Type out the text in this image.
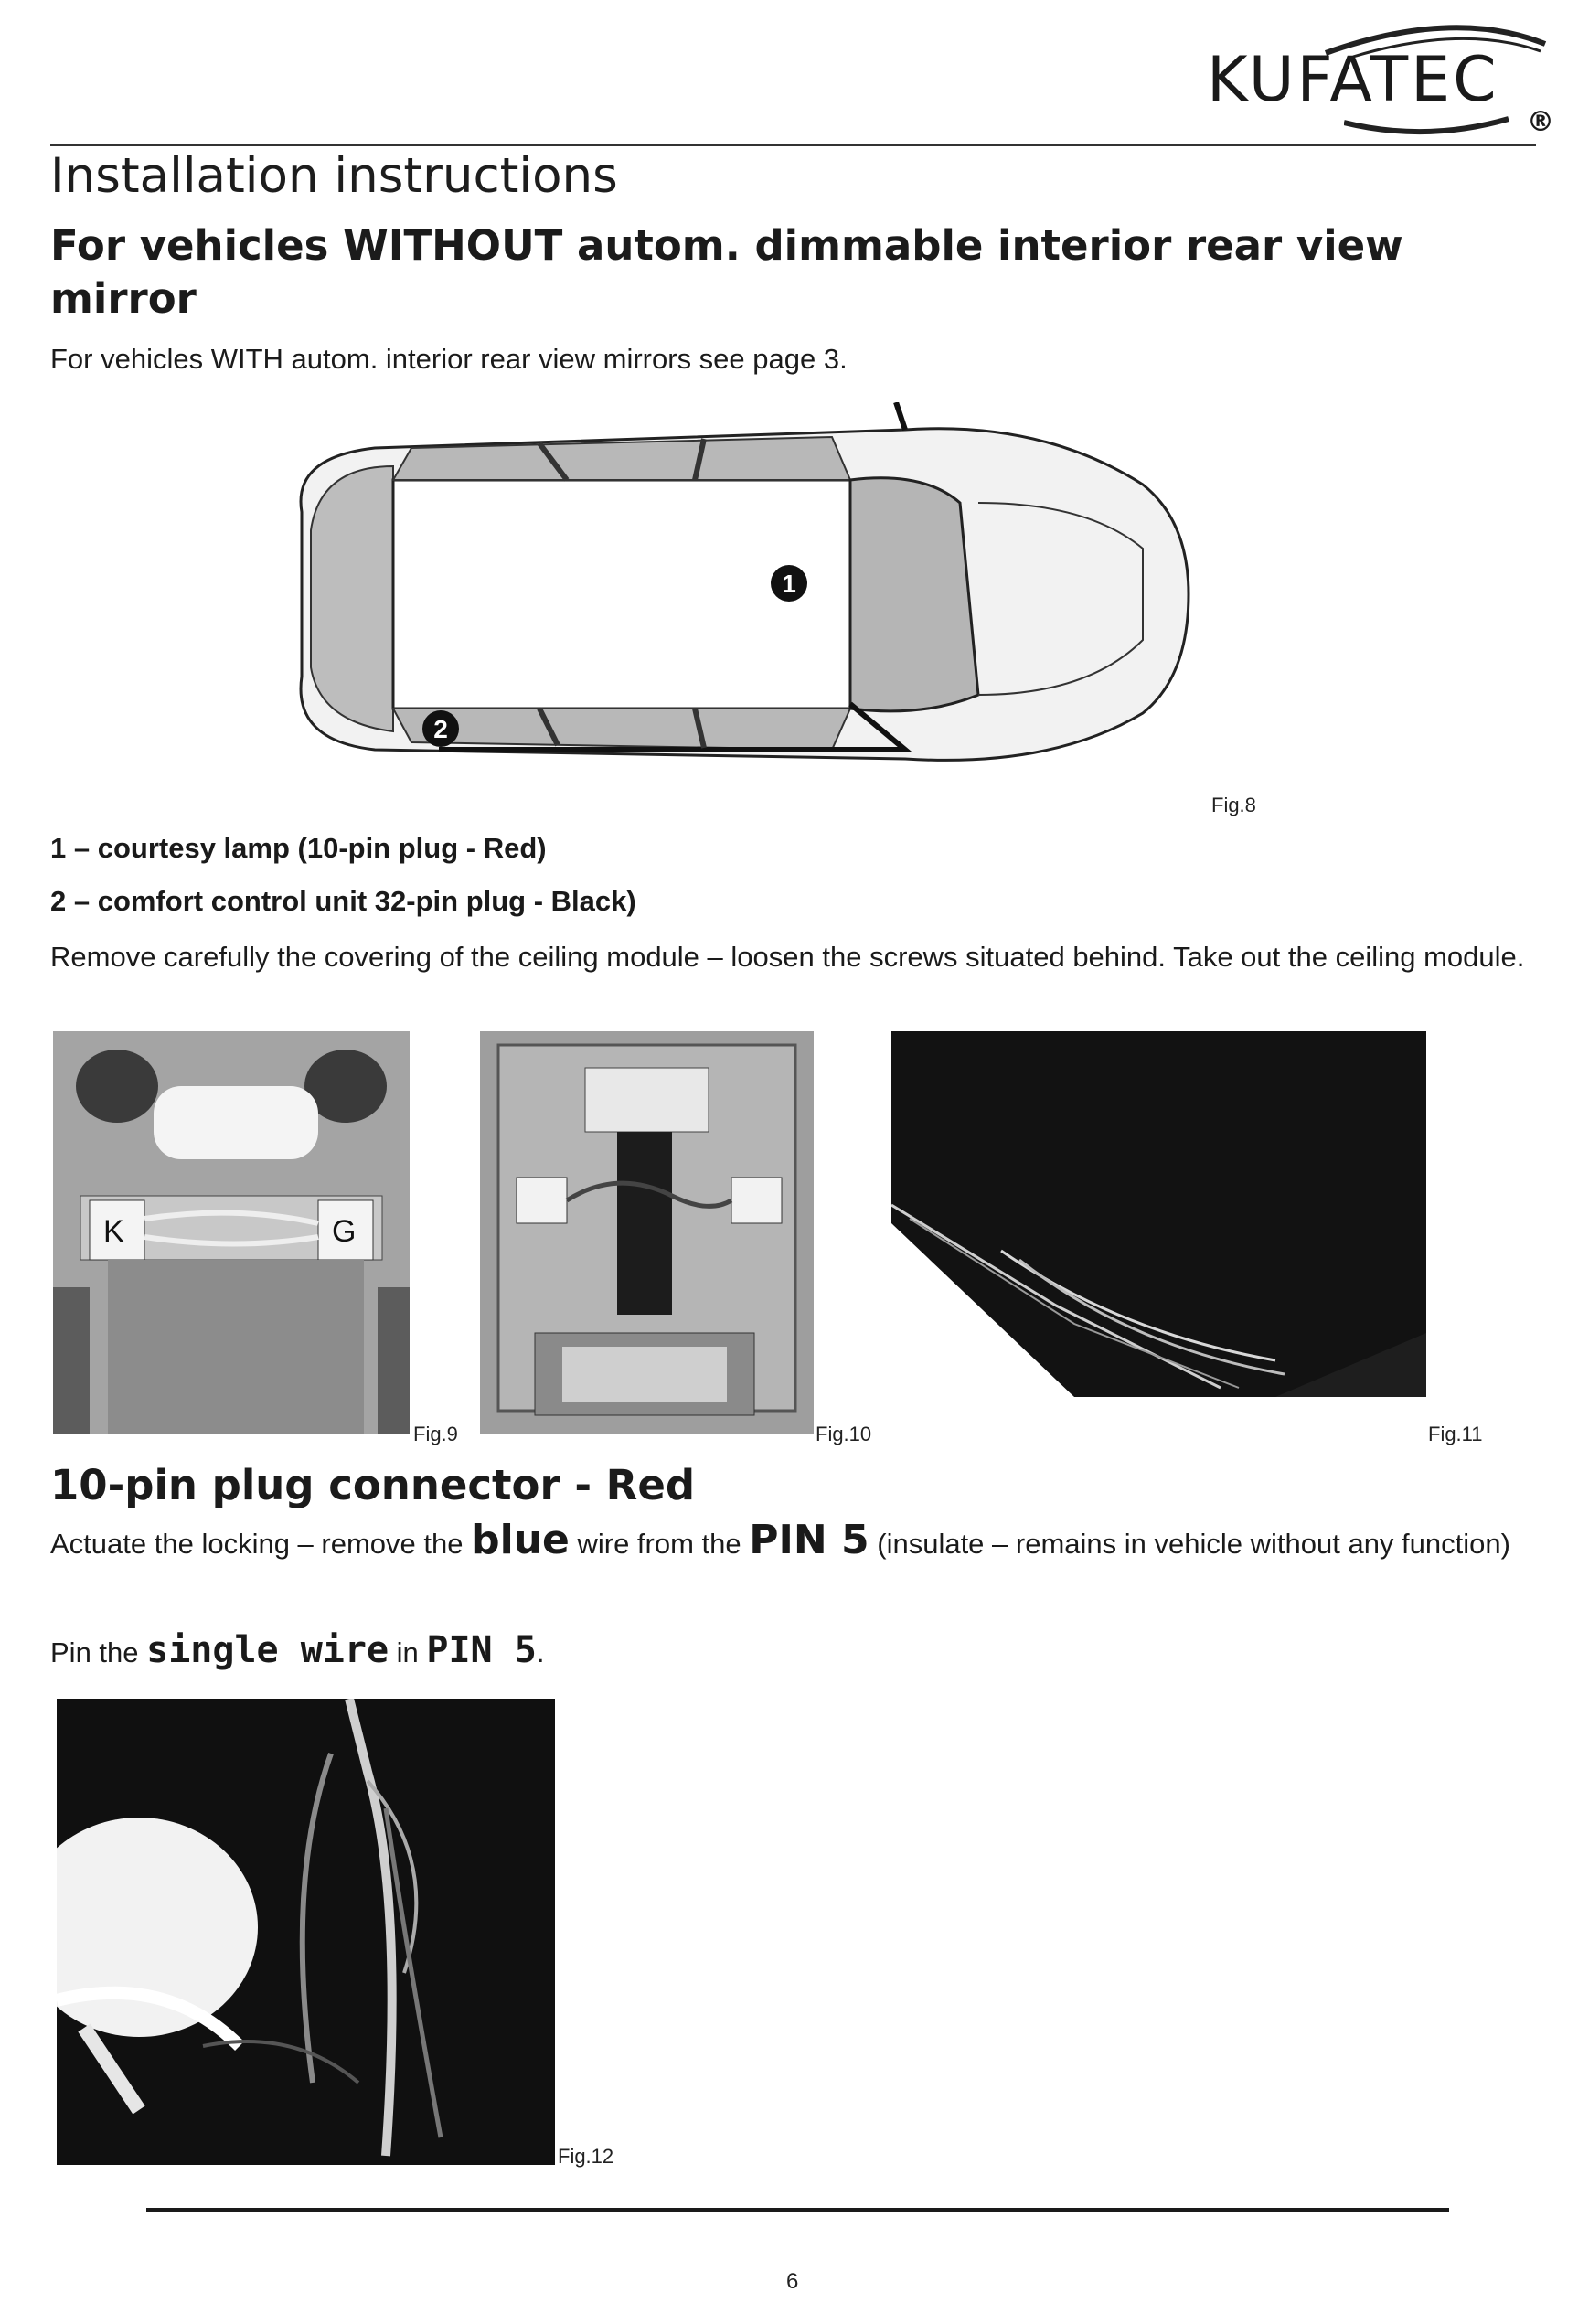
KUFATEC
®
Installation instructions
For vehicles WITHOUT autom. dimmable interior rear view mirror
For vehicles WITH autom. interior rear view mirrors see page 3.
1
2
Fig.8
1 – courtesy lamp (10-pin plug - Red)
2 – comfort control unit 32-pin plug - Black)
Remove carefully the covering of the ceiling module – loosen the screws situated behind. Take out the ceiling module.
K	G
Fig.9	Fig.10	Fig.11
10-pin plug connector - Red
Actuate the locking – remove the blue wire from the PIN 5 (insulate – remains in vehicle without any function)
Pin the single wire in PIN 5.
Fig.12
6
